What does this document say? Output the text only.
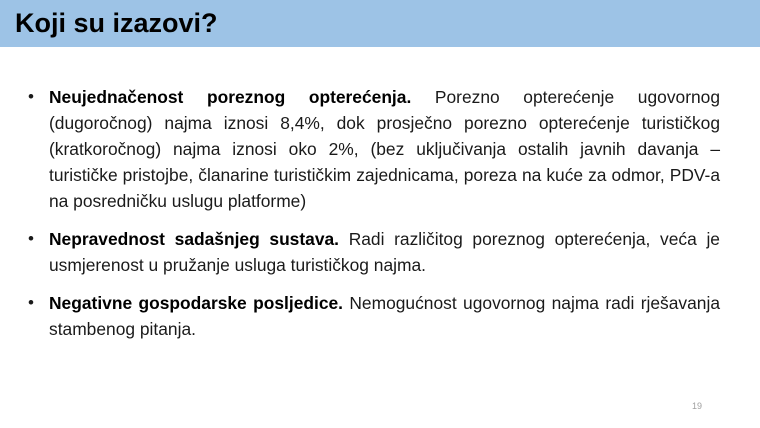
Koji su izazovi?
• Neujednačenost poreznog opterećenja. Porezno opterećenje ugovornog (dugoročnog) najma iznosi 8,4%, dok prosječno porezno opterećenje turističkog (kratkoročnog) najma iznosi oko 2%, (bez uključivanja ostalih javnih davanja – turističke pristojbe, članarine turističkim zajednicama, poreza na kuće za odmor, PDV-a na posredničku uslugu platforme)
• Nepravednost sadašnjeg sustava. Radi različitog poreznog opterećenja, veća je usmjerenost u pružanje usluga turističkog najma.
• Negativne gospodarske posljedice. Nemogućnost ugovornog najma radi rješavanja stambenog pitanja.
19
